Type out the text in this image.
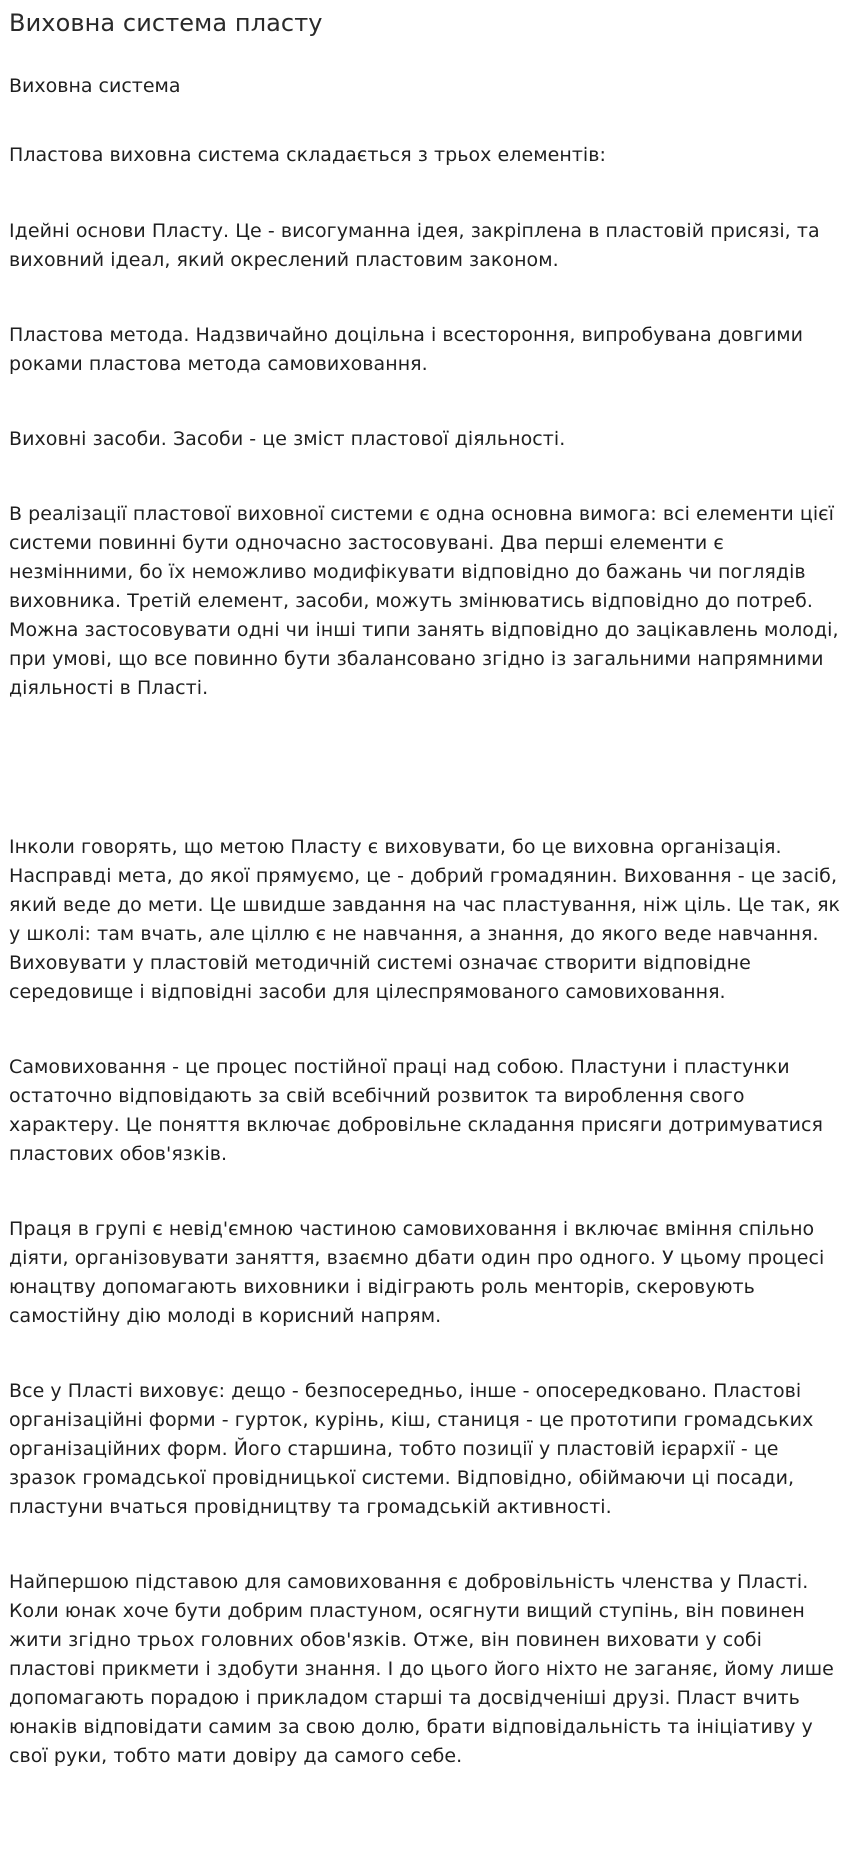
Виховна система пласту
Виховна система

Пластова виховна система складається з трьох елементів:

Ідейні основи Пласту. Це - висогуманна ідея, закріплена в пластовій присязі, та виховний ідеал, який окреслений пластовим законом.

Пластова метода. Надзвичайно доцільна і всестороння, випробувана довгими роками пластова метода самовиховання.

Виховні засоби. Засоби - це зміст пластової діяльності.

В реалізації пластової виховної системи є одна основна вимога: всі елементи цієї системи повинні бути одночасно застосовувані. Два перші елементи є незмінними, бо їх неможливо модифікувати відповідно до бажань чи поглядів виховника. Третій елемент, засоби, можуть змінюватись відповідно до потреб. Можна застосовувати одні чи інші типи занять відповідно до зацікавлень молоді, при умові, що все повинно бути збалансовано згідно із загальними напрямними діяльності в Пласті.

Інколи говорять, що метою Пласту є виховувати, бо це виховна організація. Насправді мета, до якої прямуємо, це - добрий громадянин. Виховання - це засіб, який веде до мети. Це швидше завдання на час пластування, ніж ціль. Це так, як у школі: там вчать, але ціллю є не навчання, а знання, до якого веде навчання. Виховувати у пластовій методичній системі означає створити відповідне середовище і відповідні засоби для цілеспрямованого самовиховання.

Самовиховання - це процес постійної праці над собою. Пластуни і пластунки остаточно відповідають за свій всебічний розвиток та вироблення свого характеру. Це поняття включає добровільне складання присяги дотримуватися пластових обов'язків.

Праця в групі є невід'ємною частиною самовиховання і включає вміння спільно діяти, організовувати заняття, взаємно дбати один про одного. У цьому процесі юнацтву допомагають виховники і відіграють роль менторів, скеровують самостійну дію молоді в корисний напрям.

Все у Пласті виховує: дещо - безпосередньо, інше - опосередковано. Пластові організаційні форми - гурток, курінь, кіш, станиця - це прототипи громадських організаційних форм. Його старшина, тобто позиції у пластовій ієрархії - це зразок громадської провідницької системи. Відповідно, обіймаючи ці посади, пластуни вчаться провідництву та громадській активності.

Найпершою підставою для самовиховання є добровільність членства у Пласті. Коли юнак хоче бути добрим пластуном, осягнути вищий ступінь, він повинен жити згідно трьох головних обов'язків. Отже, він повинен виховати у собі пластові прикмети і здобути знання. І до цього його ніхто не заганяє, йому лише допомагають порадою і прикладом старші та досвідченіші друзі. Пласт вчить юнаків відповідати самим за свою долю, брати відповідальність та ініціативу у свої руки, тобто мати довіру да самого себе.
